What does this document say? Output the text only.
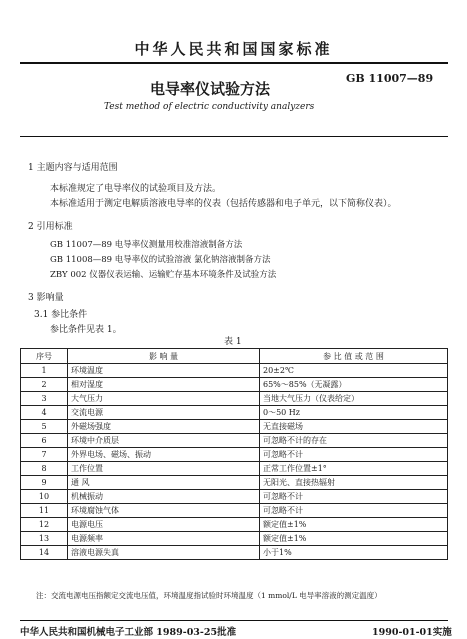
中华人民共和国国家标准
电导率仪试验方法
GB 11007—89
Test method of electric conductivity analyzers
1 主题内容与适用范围
本标准规定了电导率仪的试验项目及方法。
本标准适用于测定电解质溶液电导率的仪表（包括传感器和电子单元，以下简称仪表）。
2 引用标准
GB 11007—89 电导率仪测量用校准溶液制备方法
GB 11008—89 电导率仪的试验溶液 氯化钠溶液制备方法
ZBY 002 仪器仪表运输、运输贮存基本环境条件及试验方法
3 影响量
3.1 参比条件
参比条件见表 1。
表 1
序号	影 响 量	参 比 值 或 范 围
1	环境温度	20±2℃
2	相对湿度	65%～85%（无凝露）
3	大气压力	当地大气压力（仪表给定）
4	交流电源	0～50 Hz
5	外磁场强度	无直接磁场
6	环境中介质层	可忽略不计的存在
7	外界电场、磁场、振动	可忽略不计
8	工作位置	正常工作位置±1°
9	通 风	无阳光、直接热辐射
10	机械振动	可忽略不计
11	环境腐蚀气体	可忽略不计
12	电源电压	额定值±1%
13	电源频率	额定值±1%
14	溶液电源失真	小于1%
注：交流电源电压指额定交流电压值，环境温度指试验时环境温度（1 mmol/L 电导率溶液的测定温度）
中华人民共和国机械电子工业部 1989-03-25批准	1990-01-01实施
